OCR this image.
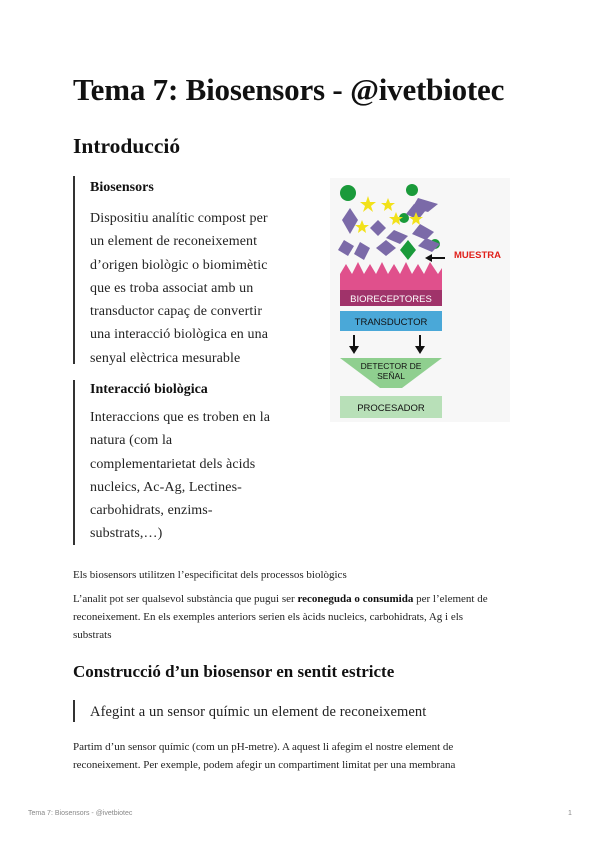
Tema 7: Biosensors - @ivetbiotec
Introducció
Biosensors
Dispositiu analític compost per
un element de reconeixement
d’origen biològic o biomimètic
que es troba associat amb un
transductor capaç de convertir
una interacció biològica en una
senyal elèctrica mesurable
Interacció biològica
Interaccions que es troben en la
natura (com la
complementarietat dels àcids
nucleics, Ac-Ag, Lectines-
carbohidrats, enzims-
substrats,…)
BIORECEPTORES
MUESTRA
TRANSDUCTOR
DETECTOR DE
SEÑAL
PROCESADOR
Els biosensors utilitzen l’especificitat dels processos biològics
L’analit pot ser qualsevol substància que pugui ser reconeguda o consumida per l’element de
reconeixement. En els exemples anteriors serien els àcids nucleics, carbohidrats, Ag i els
substrats
Construcció d’un biosensor en sentit estricte
Afegint a un sensor químic un element de reconeixement
Partim d’un sensor químic (com un pH-metre). A aquest li afegim el nostre element de
reconeixement. Per exemple, podem afegir un compartiment limitat per una membrana
Tema 7: Biosensors - @ivetbiotec	1
